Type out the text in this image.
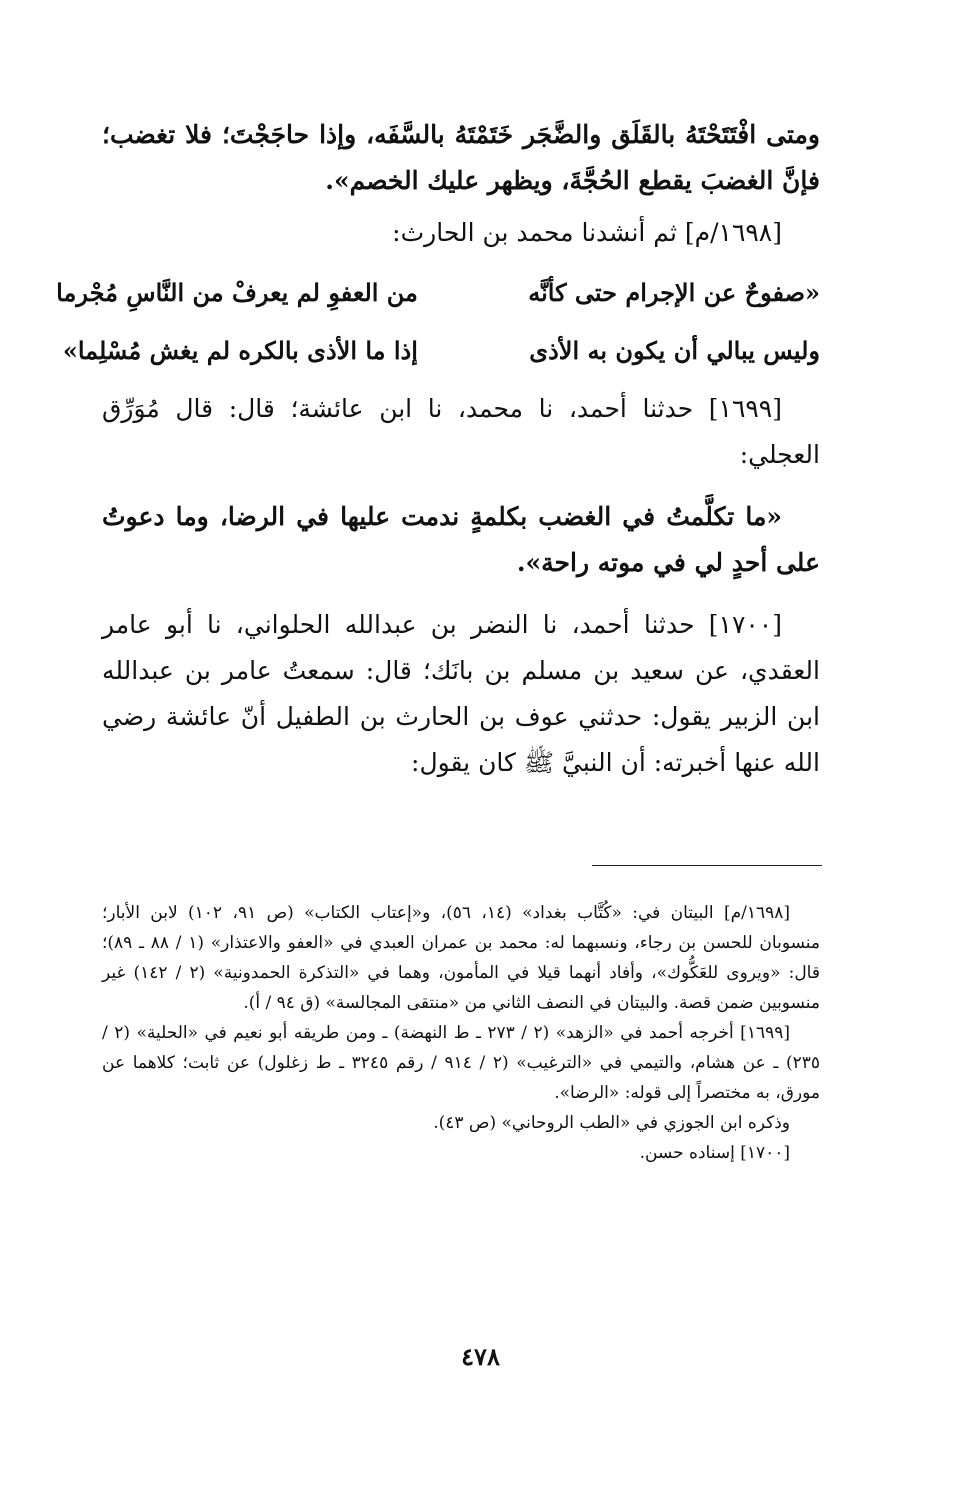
ومتى افْتَتَحْتَهُ بالقَلَق والضَّجَر خَتَمْتَهُ بالسَّفَه، وإذا حاجَجْتَ؛ فلا تغضب؛ فإنَّ الغضبَ يقطع الحُجَّةَ، ويظهر عليك الخصم».

[١٦٩٨/م] ثم أنشدنا محمد بن الحارث:

«صفوحٌ عن الإجرام حتى كأنَّه
من العفوِ لم يعرفْ من النَّاسِ مُجْرما
وليس يبالي أن يكون به الأذى
إذا ما الأذى بالكره لم يغش مُسْلِما»

[١٦٩٩] حدثنا أحمد، نا محمد، نا ابن عائشة؛ قال: قال مُوَرِّق العجلي:

«ما تكلَّمتُ في الغضب بكلمةٍ ندمت عليها في الرضا، وما دعوتُ على أحدٍ لي في موته راحة».

[١٧٠٠] حدثنا أحمد، نا النضر بن عبدالله الحلواني، نا أبو عامر العقدي، عن سعيد بن مسلم بن بانَك؛ قال: سمعتُ عامر بن عبدالله ابن الزبير يقول: حدثني عوف بن الحارث بن الطفيل أنّ عائشة رضي الله عنها أخبرته: أن النبيَّ ﷺ كان يقول:

[١٦٩٨/م] البيتان في: «كُتَّاب بغداد» (١٤، ٥٦)، و«إعتاب الكتاب» (ص ٩١، ١٠٢) لابن الأبار؛ منسوبان للحسن بن رجاء، ونسبهما له: محمد بن عمران العبدي في «العفو والاعتذار» (١ / ٨٨ ـ ٨٩)؛ قال: «ويروى للعَكُّوك»، وأفاد أنهما قيلا في المأمون، وهما في «التذكرة الحمدونية» (٢ / ١٤٢) غير منسوبين ضمن قصة. والبيتان في النصف الثاني من «منتقى المجالسة» (ق ٩٤ / أ).

[١٦٩٩] أخرجه أحمد في «الزهد» (٢ / ٢٧٣ ـ ط النهضة) ـ ومن طريقه أبو نعيم في «الحلية» (٢ / ٢٣٥) ـ عن هشام، والتيمي في «الترغيب» (٢ / ٩١٤ / رقم ٣٢٤٥ ـ ط زغلول) عن ثابت؛ كلاهما عن مورق، به مختصراً إلى قوله: «الرضا».

وذكره ابن الجوزي في «الطب الروحاني» (ص ٤٣).

[١٧٠٠] إسناده حسن.

٤٧٨
